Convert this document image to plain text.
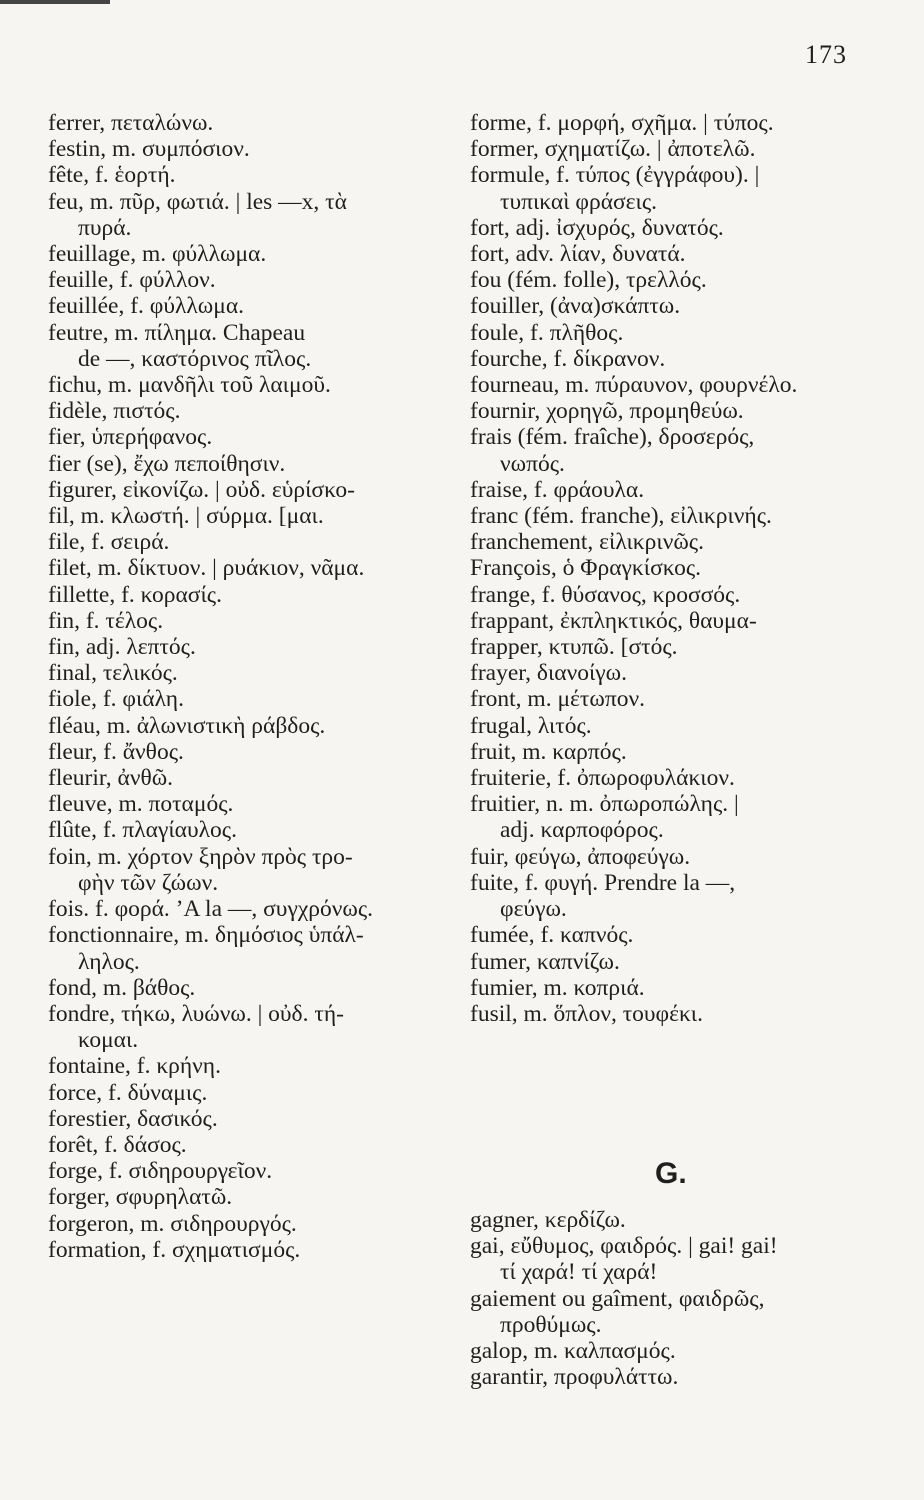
173
ferrer, πεταλώνω.
festin, m. συμπόσιον.
fête, f. ἑορτή.
feu, m. πῦρ, φωτιά. | les —x, τὰ
πυρά.
feuillage, m. φύλλωμα.
feuille, f. φύλλον.
feuillée, f. φύλλωμα.
feutre, m. πίλημα. Chapeau
de —, καστόρινος πῖλος.
fichu, m. μανδῆλι τοῦ λαιμοῦ.
fidèle, πιστός.
fier, ὑπερήφανος.
fier (se), ἔχω πεποίθησιν.
figurer, εἰκονίζω. | οὐδ. εὑρίσκο-
fil, m. κλωστή. | σύρμα. [μαι.
file, f. σειρά.
filet, m. δίκτυον. | ρυάκιον, νᾶμα.
fillette, f. κορασίς.
fin, f. τέλος.
fin, adj. λεπτός.
final, τελικός.
fiole, f. φιάλη.
fléau, m. ἀλωνιστικὴ ράβδος.
fleur, f. ἄνθος.
fleurir, ἀνθῶ.
fleuve, m. ποταμός.
flûte, f. πλαγίαυλος.
foin, m. χόρτον ξηρὸν πρὸς τρο-
φὴν τῶν ζώων.
fois. f. φορά. ʼA la —, συγχρόνως.
fonctionnaire, m. δημόσιος ὑπάλ-
ληλος.
fond, m. βάθος.
fondre, τήκω, λυώνω. | οὐδ. τή-
κομαι.
fontaine, f. κρήνη.
force, f. δύναμις.
forestier, δασικός.
forêt, f. δάσος.
forge, f. σιδηρουργεῖον.
forger, σφυρηλατῶ.
forgeron, m. σιδηρουργός.
formation, f. σχηματισμός.
forme, f. μορφή, σχῆμα. | τύπος.
former, σχηματίζω. | ἀποτελῶ.
formule, f. τύπος (ἐγγράφου). |
τυπικαὶ φράσεις.
fort, adj. ἰσχυρός, δυνατός.
fort, adv. λίαν, δυνατά.
fou (fém. folle), τρελλός.
fouiller, (ἀνα)σκάπτω.
foule, f. πλῆθος.
fourche, f. δίκρανον.
fourneau, m. πύραυνον, φουρνέλο.
fournir, χορηγῶ, προμηθεύω.
frais (fém. fraîche), δροσερός,
νωπός.
fraise, f. φράουλα.
franc (fém. franche), εἰλικρινής.
franchement, εἰλικρινῶς.
François, ὁ Φραγκίσκος.
frange, f. θύσανος, κροσσός.
frappant, ἐκπληκτικός, θαυμα-
frapper, κτυπῶ. [στός.
frayer, διανοίγω.
front, m. μέτωπον.
frugal, λιτός.
fruit, m. καρπός.
fruiterie, f. ὀπωροφυλάκιον.
fruitier, n. m. ὀπωροπώλης. |
adj. καρποφόρος.
fuir, φεύγω, ἀποφεύγω.
fuite, f. φυγή. Prendre la —,
φεύγω.
fumée, f. καπνός.
fumer, καπνίζω.
fumier, m. κοπριά.
fusil, m. ὅπλον, τουφέκι.
G.
gagner, κερδίζω.
gai, εὔθυμος, φαιδρός. | gai! gai!
τί χαρά! τί χαρά!
gaiement ou gaîment, φαιδρῶς,
προθύμως.
galop, m. καλπασμός.
garantir, προφυλάττω.
